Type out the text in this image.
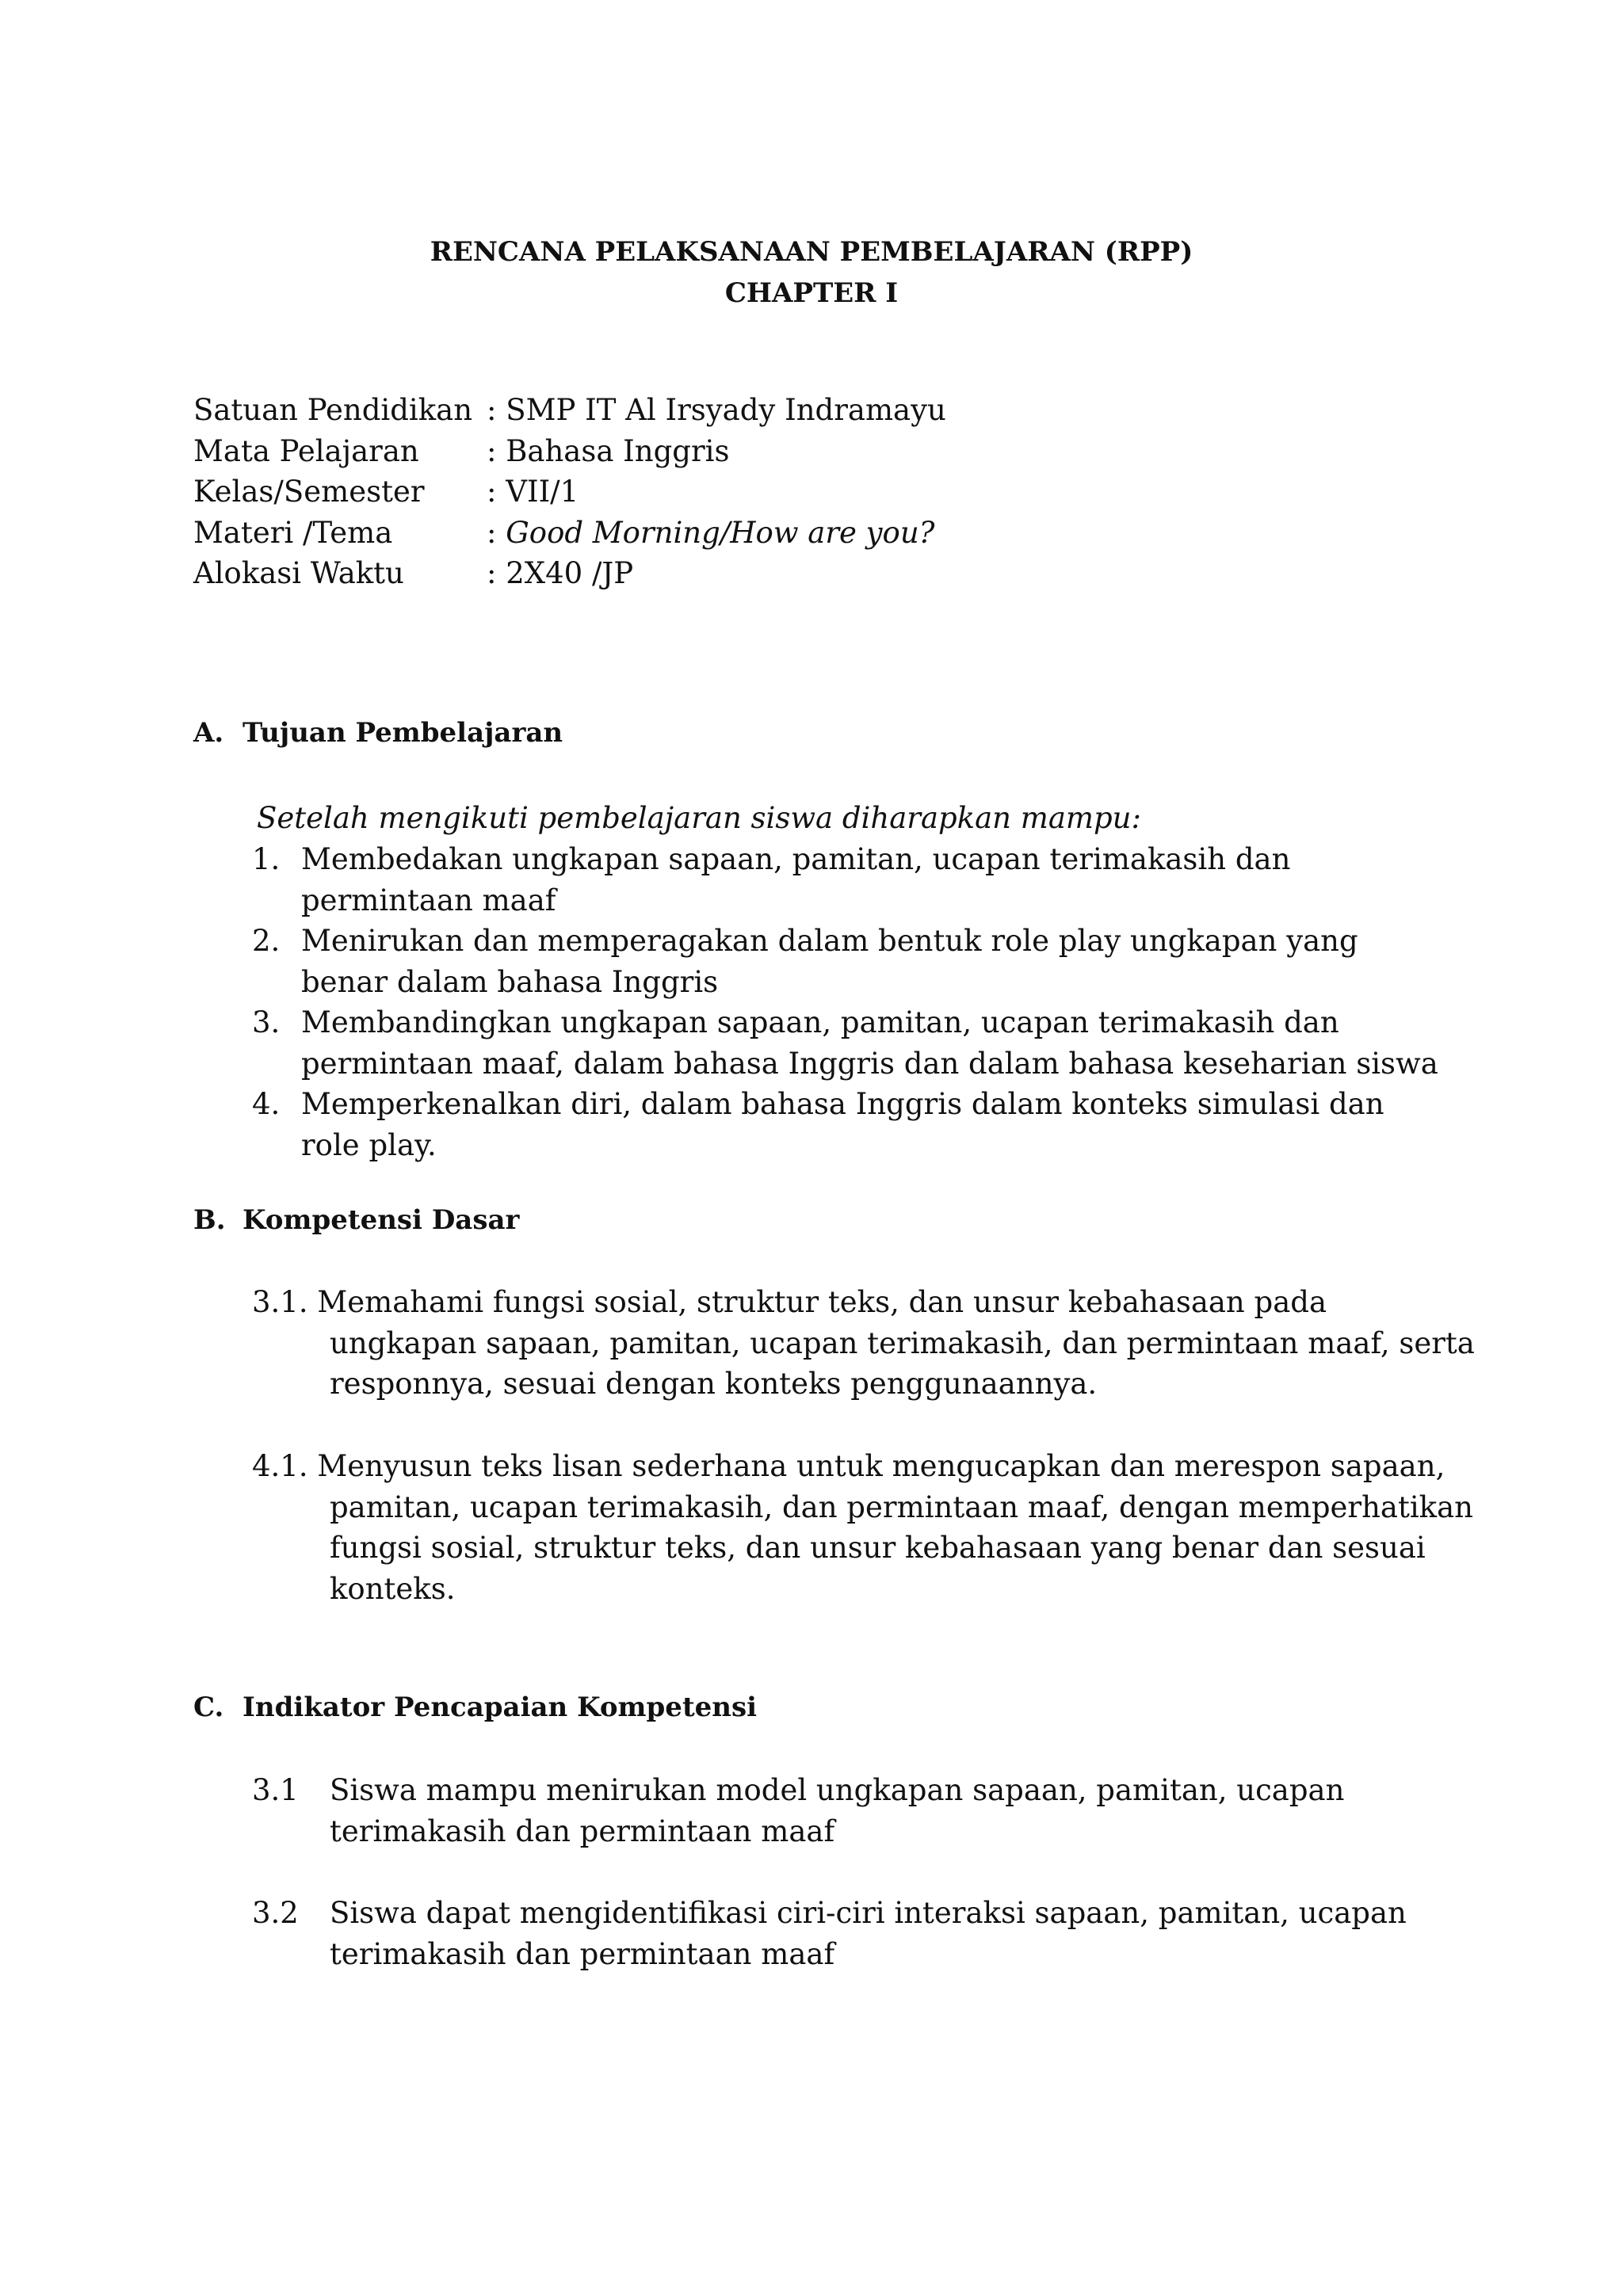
RENCANA PELAKSANAAN PEMBELAJARAN (RPP)
CHAPTER I
Satuan Pendidikan : SMP IT Al Irsyady Indramayu
Mata Pelajaran : Bahasa Inggris
Kelas/Semester : VII/1
Materi /Tema	: Good Morning/How are you?
Alokasi Waktu	: 2X40 /JP
A. Tujuan Pembelajaran
Setelah mengikuti pembelajaran siswa diharapkan mampu:
1. Membedakan ungkapan sapaan, pamitan, ucapan terimakasih dan permintaan maaf
2. Menirukan dan memperagakan dalam bentuk role play ungkapan yang benar dalam bahasa Inggris
3. Membandingkan ungkapan sapaan, pamitan, ucapan terimakasih dan permintaan maaf, dalam bahasa Inggris dan dalam bahasa keseharian siswa
4. Memperkenalkan diri, dalam bahasa Inggris dalam konteks simulasi dan role play.
B. Kompetensi Dasar
3.1. Memahami fungsi sosial, struktur teks, dan unsur kebahasaan pada
ungkapan sapaan, pamitan, ucapan terimakasih, dan permintaan maaf, serta responnya, sesuai dengan konteks penggunaannya.
4.1. Menyusun teks lisan sederhana untuk mengucapkan dan merespon sapaan,
pamitan, ucapan terimakasih, dan permintaan maaf, dengan memperhatikan fungsi sosial, struktur teks, dan unsur kebahasaan yang benar dan sesuai konteks.
C. Indikator Pencapaian Kompetensi
3.1	Siswa mampu menirukan model ungkapan sapaan, pamitan, ucapan terimakasih dan permintaan maaf
3.2	Siswa dapat mengidentifikasi ciri-ciri interaksi sapaan, pamitan, ucapan terimakasih dan permintaan maaf
